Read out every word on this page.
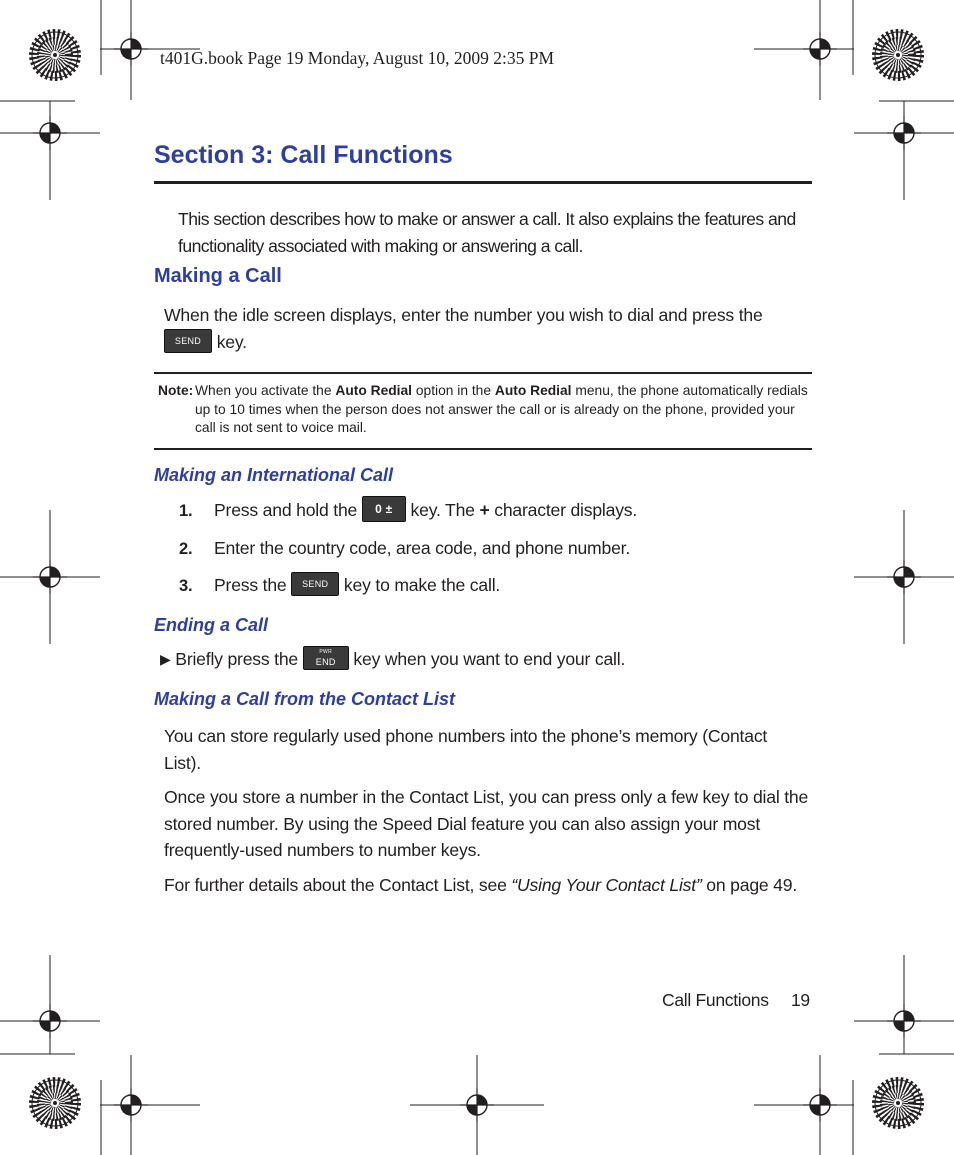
t401G.book Page 19 Monday, August 10, 2009 2:35 PM
Section 3: Call Functions
This section describes how to make or answer a call. It also explains the features and functionality associated with making or answering a call.
Making a Call
When the idle screen displays, enter the number you wish to dial and press the
SEND key.
Note: When you activate the Auto Redial option in the Auto Redial menu, the phone automatically redials up to 10 times when the person does not answer the call or is already on the phone, provided your call is not sent to voice mail.
Making an International Call
1. Press and hold the 0 ± key. The + character displays.
2. Enter the country code, area code, and phone number.
3. Press the SEND key to make the call.
Ending a Call
▶ Briefly press the	PWR
END key when you want to end your call.
Making a Call from the Contact List
You can store regularly used phone numbers into the phone’s memory (Contact List).
Once you store a number in the Contact List, you can press only a few key to dial the stored number. By using the Speed Dial feature you can also assign your most frequently-used numbers to number keys.
For further details about the Contact List, see “Using Your Contact List” on page 49.
Call Functions 19
